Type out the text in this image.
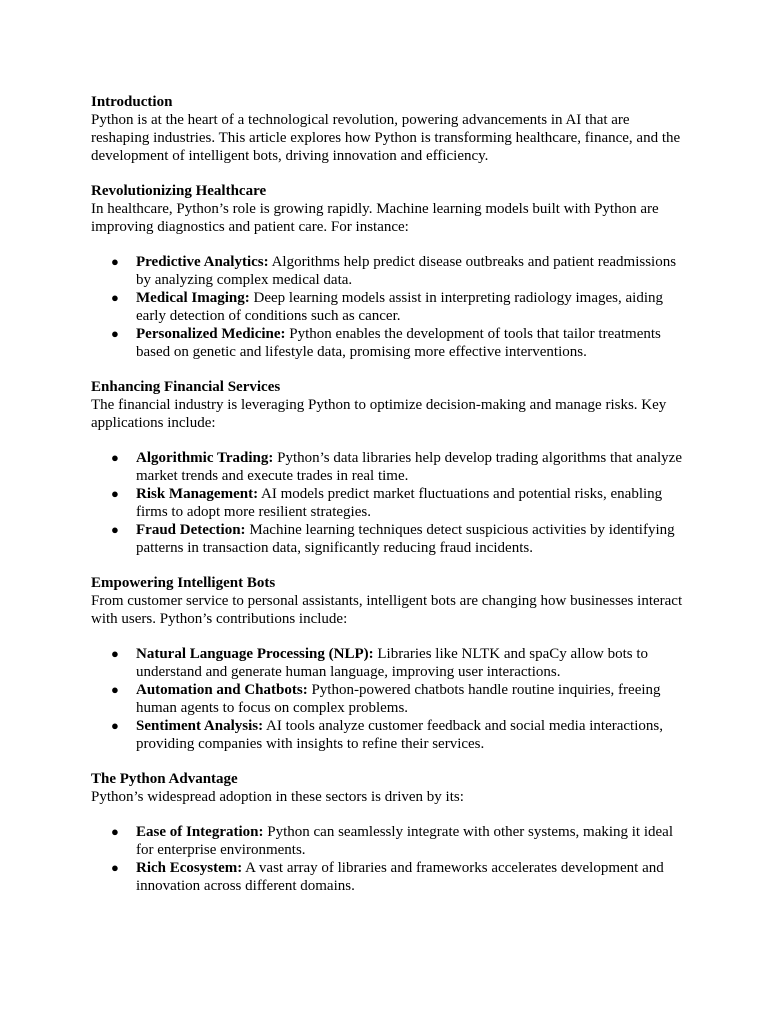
Introduction
Python is at the heart of a technological revolution, powering advancements in AI that are reshaping industries. This article explores how Python is transforming healthcare, finance, and the development of intelligent bots, driving innovation and efficiency.
Revolutionizing Healthcare
In healthcare, Python’s role is growing rapidly. Machine learning models built with Python are improving diagnostics and patient care. For instance:
● Predictive Analytics: Algorithms help predict disease outbreaks and patient readmissions by analyzing complex medical data.
● Medical Imaging: Deep learning models assist in interpreting radiology images, aiding early detection of conditions such as cancer.
● Personalized Medicine: Python enables the development of tools that tailor treatments based on genetic and lifestyle data, promising more effective interventions.
Enhancing Financial Services
The financial industry is leveraging Python to optimize decision-making and manage risks. Key applications include:
● Algorithmic Trading: Python’s data libraries help develop trading algorithms that analyze market trends and execute trades in real time.
● Risk Management: AI models predict market fluctuations and potential risks, enabling firms to adopt more resilient strategies.
● Fraud Detection: Machine learning techniques detect suspicious activities by identifying patterns in transaction data, significantly reducing fraud incidents.
Empowering Intelligent Bots
From customer service to personal assistants, intelligent bots are changing how businesses interact with users. Python’s contributions include:
● Natural Language Processing (NLP): Libraries like NLTK and spaCy allow bots to understand and generate human language, improving user interactions.
● Automation and Chatbots: Python-powered chatbots handle routine inquiries, freeing human agents to focus on complex problems.
● Sentiment Analysis: AI tools analyze customer feedback and social media interactions, providing companies with insights to refine their services.
The Python Advantage
Python’s widespread adoption in these sectors is driven by its:
● Ease of Integration: Python can seamlessly integrate with other systems, making it ideal for enterprise environments.
● Rich Ecosystem: A vast array of libraries and frameworks accelerates development and innovation across different domains.
